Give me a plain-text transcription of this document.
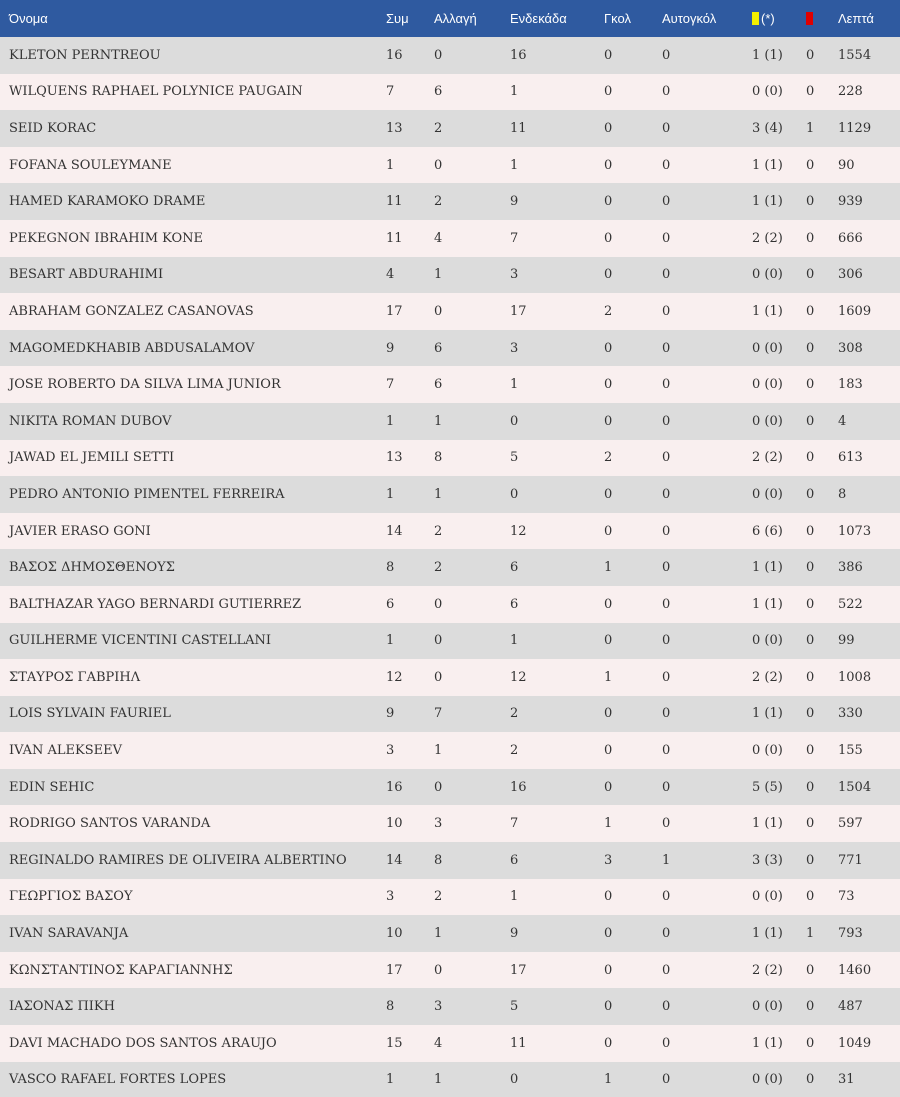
Όνομα	Συμ	Αλλαγή	Ενδεκάδα	Γκολ	Αυτογκόλ	(*)		Λεπτά
KLETON PERNTREOU	16	0	16	0	0	1 (1)	0	1554
WILQUENS RAPHAEL POLYNICE PAUGAIN	7	6	1	0	0	0 (0)	0	228
SEID KORAC	13	2	11	0	0	3 (4)	1	1129
FOFANA SOULEYMANE	1	0	1	0	0	1 (1)	0	90
HAMED KARAMOKO DRAME	11	2	9	0	0	1 (1)	0	939
PEKEGNON IBRAHIM KONE	11	4	7	0	0	2 (2)	0	666
BESART ABDURAHIMI	4	1	3	0	0	0 (0)	0	306
ABRAHAM GONZALEZ CASANOVAS	17	0	17	2	0	1 (1)	0	1609
MAGOMEDKHABIB ABDUSALAMOV	9	6	3	0	0	0 (0)	0	308
JOSE ROBERTO DA SILVA LIMA JUNIOR	7	6	1	0	0	0 (0)	0	183
NIKITA ROMAN DUBOV	1	1	0	0	0	0 (0)	0	4
JAWAD EL JEMILI SETTI	13	8	5	2	0	2 (2)	0	613
PEDRO ANTONIO PIMENTEL FERREIRA	1	1	0	0	0	0 (0)	0	8
JAVIER ERASO GONI	14	2	12	0	0	6 (6)	0	1073
ΒΑΣΟΣ ΔΗΜΟΣΘΕΝΟΥΣ	8	2	6	1	0	1 (1)	0	386
BALTHAZAR YAGO BERNARDI GUTIERREZ	6	0	6	0	0	1 (1)	0	522
GUILHERME VICENTINI CASTELLANI	1	0	1	0	0	0 (0)	0	99
ΣΤΑΥΡΟΣ ΓΑΒΡΙΗΛ	12	0	12	1	0	2 (2)	0	1008
LOIS SYLVAIN FAURIEL	9	7	2	0	0	1 (1)	0	330
IVAN ALEKSEEV	3	1	2	0	0	0 (0)	0	155
EDIN SEHIC	16	0	16	0	0	5 (5)	0	1504
RODRIGO SANTOS VARANDA	10	3	7	1	0	1 (1)	0	597
REGINALDO RAMIRES DE OLIVEIRA ALBERTINO	14	8	6	3	1	3 (3)	0	771
ΓΕΩΡΓΙΟΣ ΒΑΣΟΥ	3	2	1	0	0	0 (0)	0	73
IVAN SARAVANJA	10	1	9	0	0	1 (1)	1	793
ΚΩΝΣΤΑΝΤΙΝΟΣ ΚΑΡΑΓΙΑΝΝΗΣ	17	0	17	0	0	2 (2)	0	1460
ΙΑΣΟΝΑΣ ΠΙΚΗ	8	3	5	0	0	0 (0)	0	487
DAVI MACHADO DOS SANTOS ARAUJO	15	4	11	0	0	1 (1)	0	1049
VASCO RAFAEL FORTES LOPES	1	1	0	1	0	0 (0)	0	31
